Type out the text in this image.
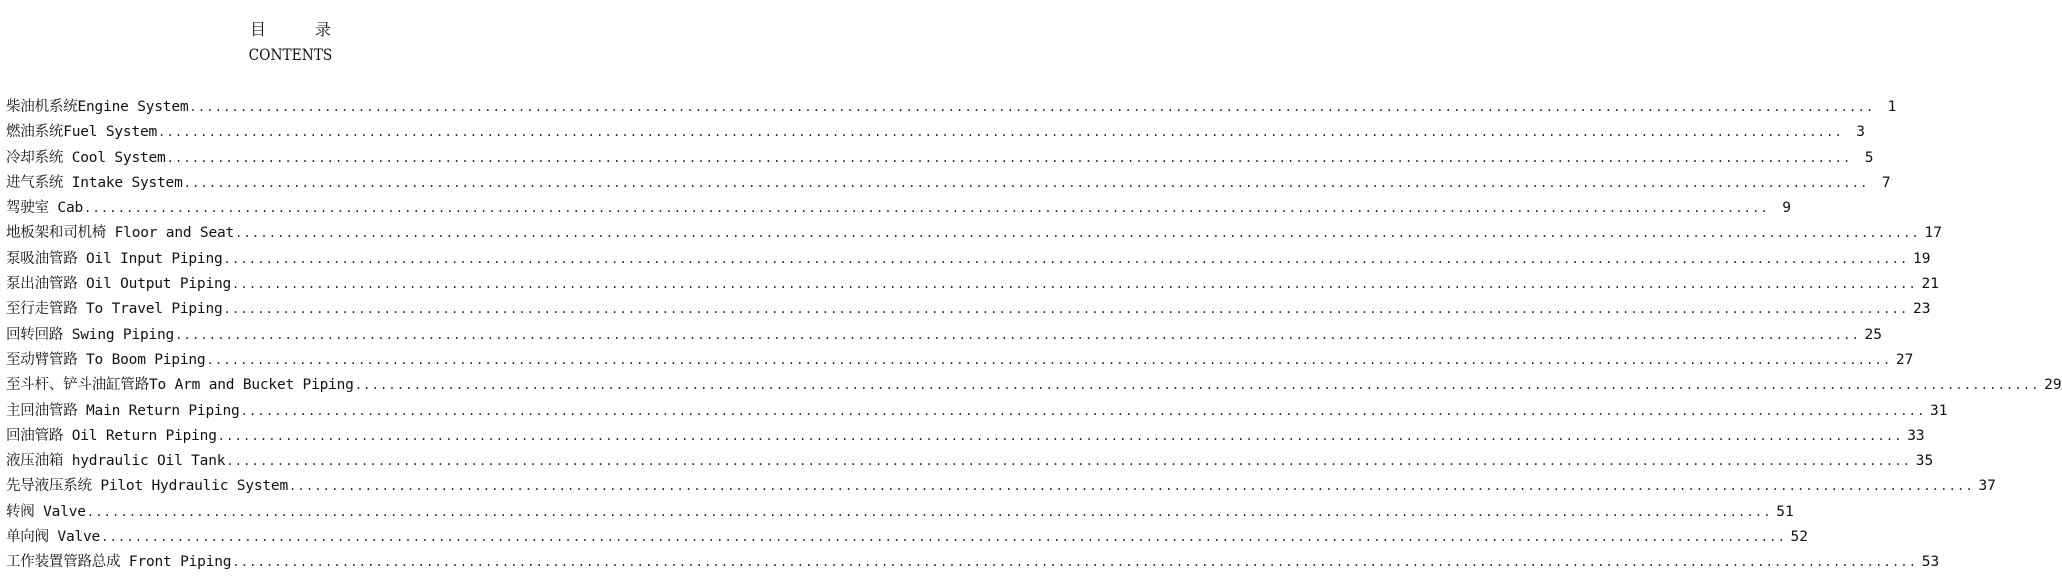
目 录
CONTENTS
柴油机系统Engine System ........................................................................................................................................................................................................ 1
燃油系统Fuel System ........................................................................................................................................................................................................ 3
冷却系统 Cool System ........................................................................................................................................................................................................ 5
进气系统 Intake System ........................................................................................................................................................................................................ 7
驾驶室 Cab ........................................................................................................................................................................................................ 9
地板架和司机椅 Floor and Seat ........................................................................................................................................................................................................ 17
泵吸油管路 Oil Input Piping ........................................................................................................................................................................................................ 19
泵出油管路 Oil Output Piping ........................................................................................................................................................................................................ 21
至行走管路 To Travel Piping ........................................................................................................................................................................................................ 23
回转回路 Swing Piping ........................................................................................................................................................................................................ 25
至动臂管路 To Boom Piping ........................................................................................................................................................................................................ 27
至斗杆、铲斗油缸管路To Arm and Bucket Piping ........................................................................................................................................................................................................ 29
主回油管路 Main Return Piping ........................................................................................................................................................................................................ 31
回油管路 Oil Return Piping ........................................................................................................................................................................................................ 33
液压油箱 hydraulic Oil Tank ........................................................................................................................................................................................................ 35
先导液压系统 Pilot Hydraulic System ........................................................................................................................................................................................................ 37
转阀 Valve ........................................................................................................................................................................................................ 51
单向阀 Valve ........................................................................................................................................................................................................ 52
工作装置管路总成 Front Piping ........................................................................................................................................................................................................ 53
